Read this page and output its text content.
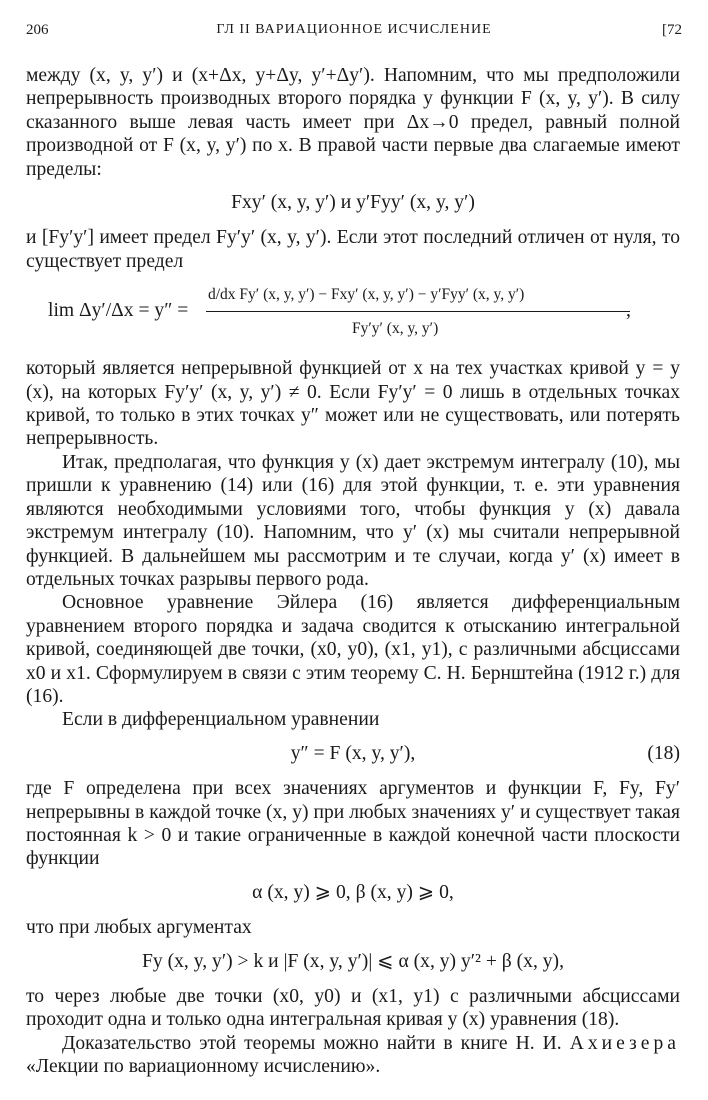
206	ГЛ II ВАРИАЦИОННОЕ ИСЧИСЛЕНИЕ	[72

между (x, y, y′) и (x+Δx, y+Δy, y′+Δy′). Напомним, что мы предположили непрерывность производных второго порядка у функции F (x, y, y′). В силу сказанного выше левая часть имеет при Δx→0 предел, равный полной производной от F (x, y, y′) по x. В правой части первые два слагаемые имеют пределы:

Fxy′ (x, y, y′) и y′Fyy′ (x, y, y′)

и [Fy′y′] имеет предел Fy′y′ (x, y, y′). Если этот последний отличен от нуля, то существует предел

lim Δy′/Δx = y″ =
d/dx Fy′ (x, y, y′) − Fxy′ (x, y, y′) − y′Fyy′ (x, y, y′)
Fy′y′ (x, y, y′)
,

который является непрерывной функцией от x на тех участках кривой y = y (x), на которых Fy′y′ (x, y, y′) ≠ 0. Если Fy′y′ = 0 лишь в отдельных точках кривой, то только в этих точках y″ может или не существовать, или потерять непрерывность.

Итак, предполагая, что функция y (x) дает экстремум интегралу (10), мы пришли к уравнению (14) или (16) для этой функции, т. е. эти уравнения являются необходимыми условиями того, чтобы функция y (x) давала экстремум интегралу (10). Напомним, что y′ (x) мы считали непрерывной функцией. В дальнейшем мы рассмотрим и те случаи, когда y′ (x) имеет в отдельных точках разрывы первого рода.

Основное уравнение Эйлера (16) является дифференциальным уравнением второго порядка и задача сводится к отысканию интегральной кривой, соединяющей две точки, (x0, y0), (x1, y1), с различными абсциссами x0 и x1. Сформулируем в связи с этим теорему С. Н. Бернштейна (1912 г.) для (16).

Если в дифференциальном уравнении

y″ = F (x, y, y′),	(18)

где F определена при всех значениях аргументов и функции F, Fy, Fy′ непрерывны в каждой точке (x, y) при любых значениях y′ и существует такая постоянная k > 0 и такие ограниченные в каждой конечной части плоскости функции

α (x, y) ⩾ 0, β (x, y) ⩾ 0,

что при любых аргументах

Fy (x, y, y′) > k и |F (x, y, y′)| ⩽ α (x, y) y′² + β (x, y),

то через любые две точки (x0, y0) и (x1, y1) с различными абсциссами проходит одна и только одна интегральная кривая y (x) уравнения (18).

Доказательство этой теоремы можно найти в книге Н. И. Ахиезера «Лекции по вариационному исчислению».
